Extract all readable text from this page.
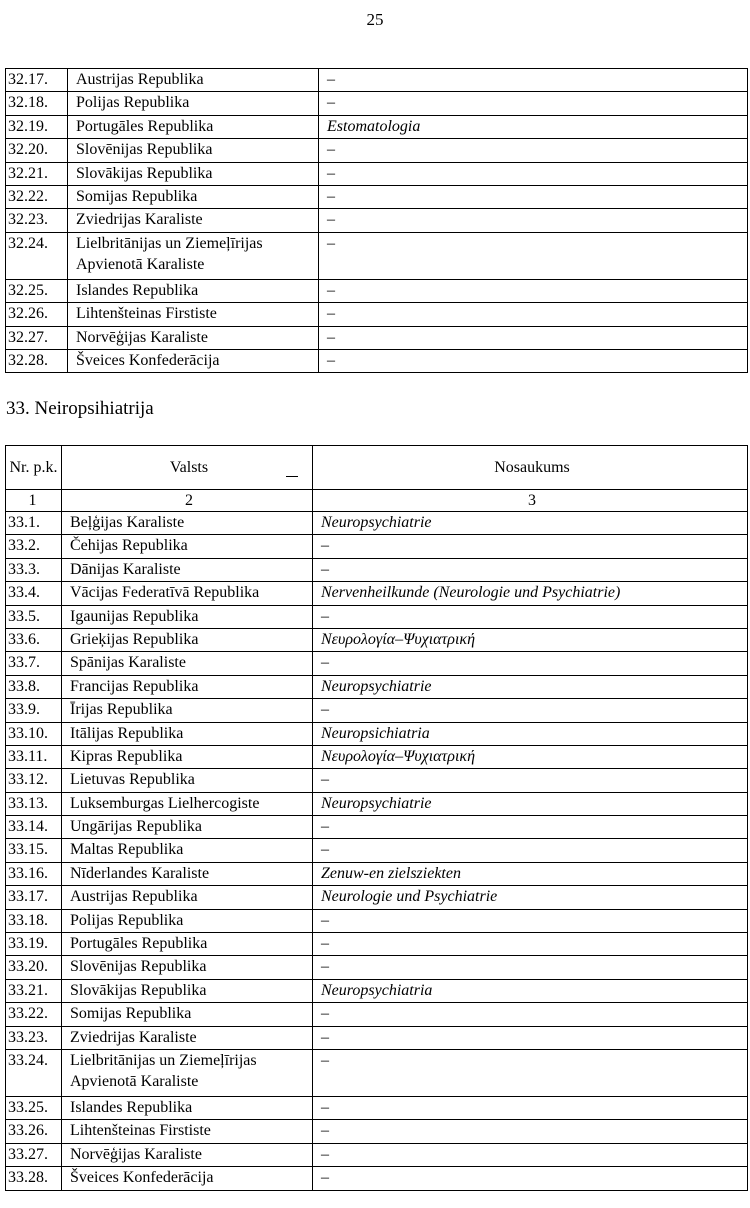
25
32.17.	Austrijas Republika	–
32.18.	Polijas Republika	–
32.19.	Portugāles Republika	Estomatologia
32.20.	Slovēnijas Republika	–
32.21.	Slovākijas Republika	–
32.22.	Somijas Republika	–
32.23.	Zviedrijas Karaliste	–
32.24.	Lielbritānijas un Ziemeļīrijas Apvienotā Karaliste	–
32.25.	Islandes Republika	–
32.26.	Lihtenšteinas Firstiste	–
32.27.	Norvēģijas Karaliste	–
32.28.	Šveices Konfederācija	–
33. Neiropsihiatrija
Nr. p.k.	Valsts	Nosaukums
1	2	3
33.1.	Beļģijas Karaliste	Neuropsychiatrie
33.2.	Čehijas Republika	–
33.3.	Dānijas Karaliste	–
33.4.	Vācijas Federatīvā Republika	Nervenheilkunde (Neurologie und Psychiatrie)
33.5.	Igaunijas Republika	–
33.6.	Grieķijas Republika	Νευρολογία–Ψυχιατρική
33.7.	Spānijas Karaliste	–
33.8.	Francijas Republika	Neuropsychiatrie
33.9.	Īrijas Republika	–
33.10.	Itālijas Republika	Neuropsichiatria
33.11.	Kipras Republika	Νευρολογία–Ψυχιατρική
33.12.	Lietuvas Republika	–
33.13.	Luksemburgas Lielhercogiste	Neuropsychiatrie
33.14.	Ungārijas Republika	–
33.15.	Maltas Republika	–
33.16.	Nīderlandes Karaliste	Zenuw-en zielsziekten
33.17.	Austrijas Republika	Neurologie und Psychiatrie
33.18.	Polijas Republika	–
33.19.	Portugāles Republika	–
33.20.	Slovēnijas Republika	–
33.21.	Slovākijas Republika	Neuropsychiatria
33.22.	Somijas Republika	–
33.23.	Zviedrijas Karaliste	–
33.24.	Lielbritānijas un Ziemeļīrijas Apvienotā Karaliste	–
33.25.	Islandes Republika	–
33.26.	Lihtenšteinas Firstiste	–
33.27.	Norvēģijas Karaliste	–
33.28.	Šveices Konfederācija	–
